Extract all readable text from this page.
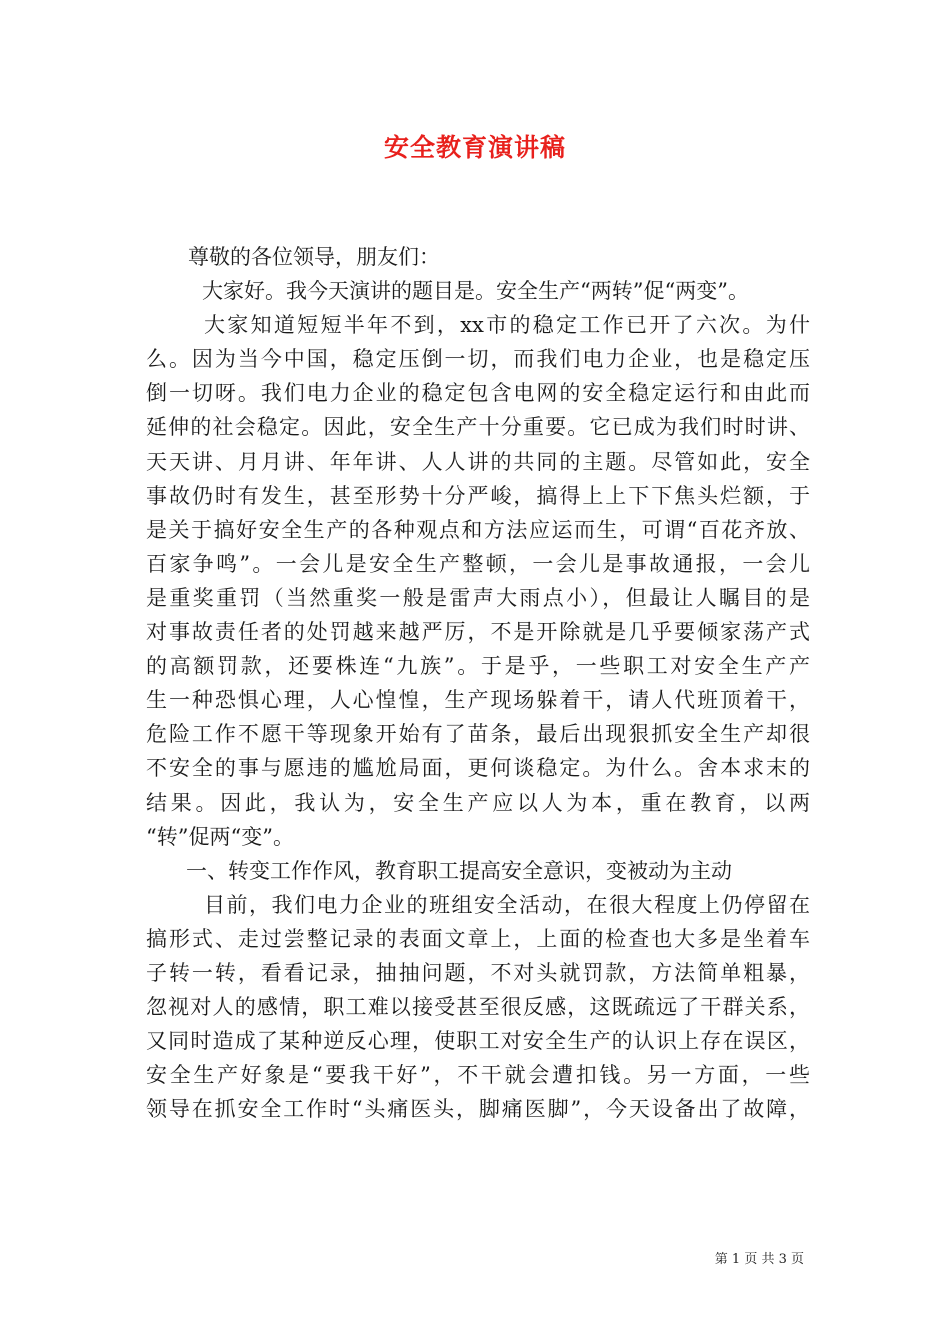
安全教育演讲稿
尊敬的各位领导，朋友们：
大家好。我今天演讲的题目是。安全生产“两转”促“两变”。
大家知道短短半年不到，xx市的稳定工作已开了六次。为什
么。因为当今中国，稳定压倒一切，而我们电力企业，也是稳定压
倒一切呀。我们电力企业的稳定包含电网的安全稳定运行和由此而
延伸的社会稳定。因此，安全生产十分重要。它已成为我们时时讲、
天天讲、月月讲、年年讲、人人讲的共同的主题。尽管如此，安全
事故仍时有发生，甚至形势十分严峻，搞得上上下下焦头烂额，于
是关于搞好安全生产的各种观点和方法应运而生，可谓“百花齐放、
百家争鸣”。一会儿是安全生产整顿，一会儿是事故通报，一会儿
是重奖重罚（当然重奖一般是雷声大雨点小），但最让人瞩目的是
对事故责任者的处罚越来越严厉，不是开除就是几乎要倾家荡产式
的高额罚款，还要株连“九族”。于是乎，一些职工对安全生产产
生一种恐惧心理，人心惶惶，生产现场躲着干，请人代班顶着干，
危险工作不愿干等现象开始有了苗条，最后出现狠抓安全生产却很
不安全的事与愿违的尴尬局面，更何谈稳定。为什么。舍本求末的
结果。因此，我认为，安全生产应以人为本，重在教育，以两
“转”促两“变”。
一、转变工作作风，教育职工提高安全意识，变被动为主动
目前，我们电力企业的班组安全活动，在很大程度上仍停留在
搞形式、走过尝整记录的表面文章上，上面的检查也大多是坐着车
子转一转，看看记录，抽抽问题，不对头就罚款，方法简单粗暴，
忽视对人的感情，职工难以接受甚至很反感，这既疏远了干群关系，
又同时造成了某种逆反心理，使职工对安全生产的认识上存在误区，
安全生产好象是“要我干好”，不干就会遭扣钱。另一方面，一些
领导在抓安全工作时“头痛医头，脚痛医脚”，今天设备出了故障，
第 1 页 共 3 页
